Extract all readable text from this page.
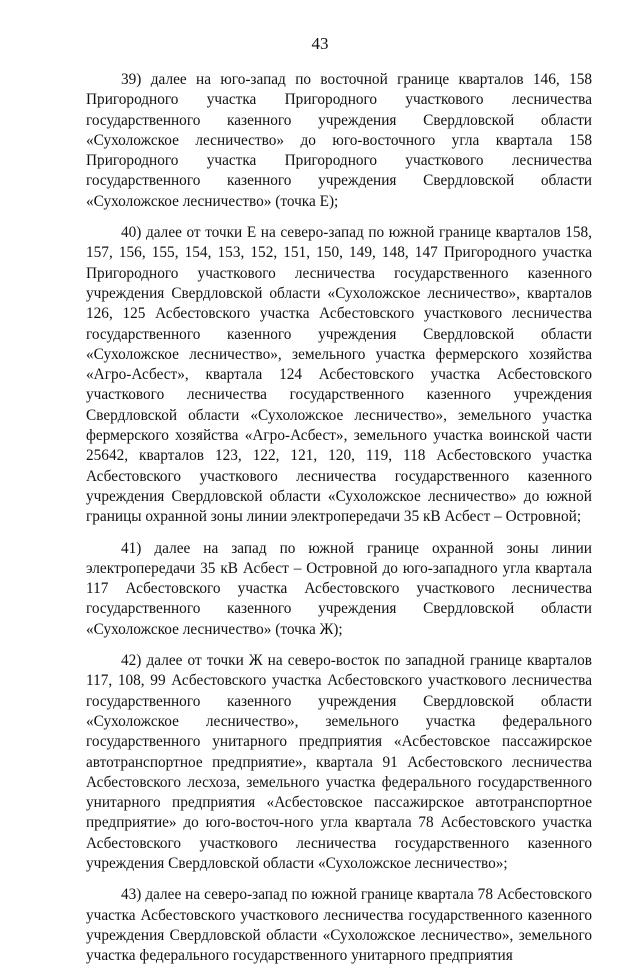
43

39) далее на юго-запад по восточной границе кварталов 146, 158 Пригородного участка Пригородного участкового лесничества государственного казенного учреждения Свердловской области «Сухоложское лесничество» до юго-восточного угла квартала 158 Пригородного участка Пригородного участкового лесничества государственного казенного учреждения Свердловской области «Сухоложское лесничество» (точка Е);

40) далее от точки Е на северо-запад по южной границе кварталов 158, 157, 156, 155, 154, 153, 152, 151, 150, 149, 148, 147 Пригородного участка Пригородного участкового лесничества государственного казенного учреждения Свердловской области «Сухоложское лесничество», кварталов 126, 125 Асбестовского участка Асбестовского участкового лесничества государственного казенного учреждения Свердловской области «Сухоложское лесничество», земельного участка фермерского хозяйства «Агро-Асбест», квартала 124 Асбестовского участка Асбестовского участкового лесничества государственного казенного учреждения Свердловской области «Сухоложское лесничество», земельного участка фермерского хозяйства «Агро-Асбест», земельного участка воинской части 25642, кварталов 123, 122, 121, 120, 119, 118 Асбестовского участка Асбестовского участкового лесничества государственного казенного учреждения Свердловской области «Сухоложское лесничество» до южной границы охранной зоны линии электропередачи 35 кВ Асбест – Островной;

41) далее на запад по южной границе охранной зоны линии электропередачи 35 кВ Асбест – Островной до юго-западного угла квартала 117 Асбестовского участка Асбестовского участкового лесничества государственного казенного учреждения Свердловской области «Сухоложское лесничество» (точка Ж);

42) далее от точки Ж на северо-восток по западной границе кварталов 117, 108, 99 Асбестовского участка Асбестовского участкового лесничества государственного казенного учреждения Свердловской области «Сухоложское лесничество», земельного участка федерального государственного унитарного предприятия «Асбестовское пассажирское автотранспортное предприятие», квартала 91 Асбестовского лесничества Асбестовского лесхоза, земельного участка федерального государственного унитарного предприятия «Асбестовское пассажирское автотранспортное предприятие» до юго-восточ-ного угла квартала 78 Асбестовского участка Асбестовского участкового лесничества государственного казенного учреждения Свердловской области «Сухоложское лесничество»;

43) далее на северо-запад по южной границе квартала 78 Асбестовского участка Асбестовского участкового лесничества государственного казенного учреждения Свердловской области «Сухоложское лесничество», земельного участка федерального государственного унитарного предприятия
